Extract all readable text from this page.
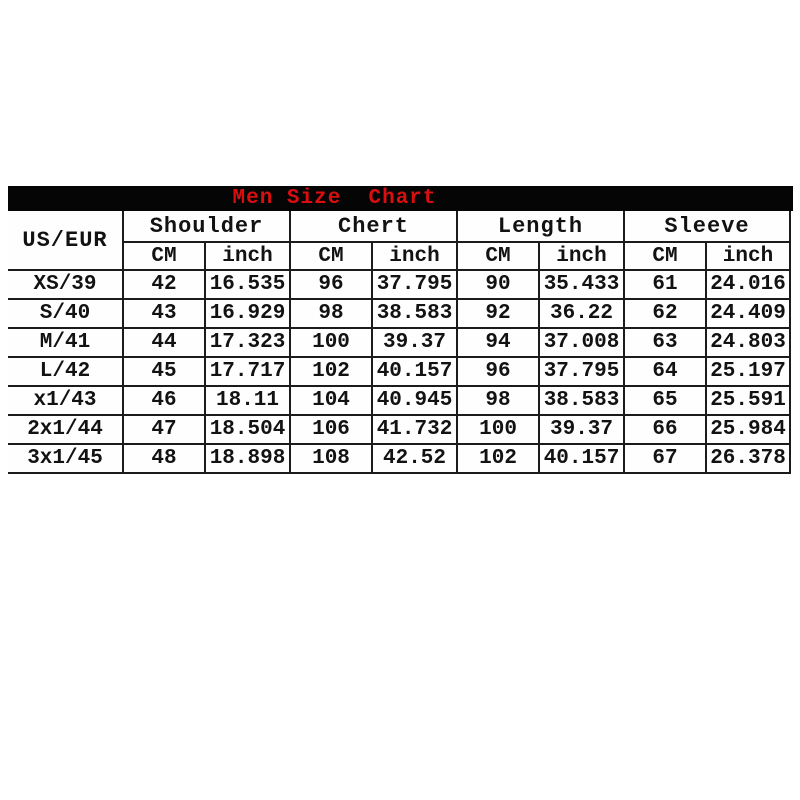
Men Size  Chart
US/EUR	Shoulder		Chert		Length		Sleeve	
	CM	inch	CM	inch	CM	inch	CM	inch
XS/39	42	16.535	96	37.795	90	35.433	61	24.016
S/40	43	16.929	98	38.583	92	36.22	62	24.409
M/41	44	17.323	100	39.37	94	37.008	63	24.803
L/42	45	17.717	102	40.157	96	37.795	64	25.197
x1/43	46	18.11	104	40.945	98	38.583	65	25.591
2x1/44	47	18.504	106	41.732	100	39.37	66	25.984
3x1/45	48	18.898	108	42.52	102	40.157	67	26.378
